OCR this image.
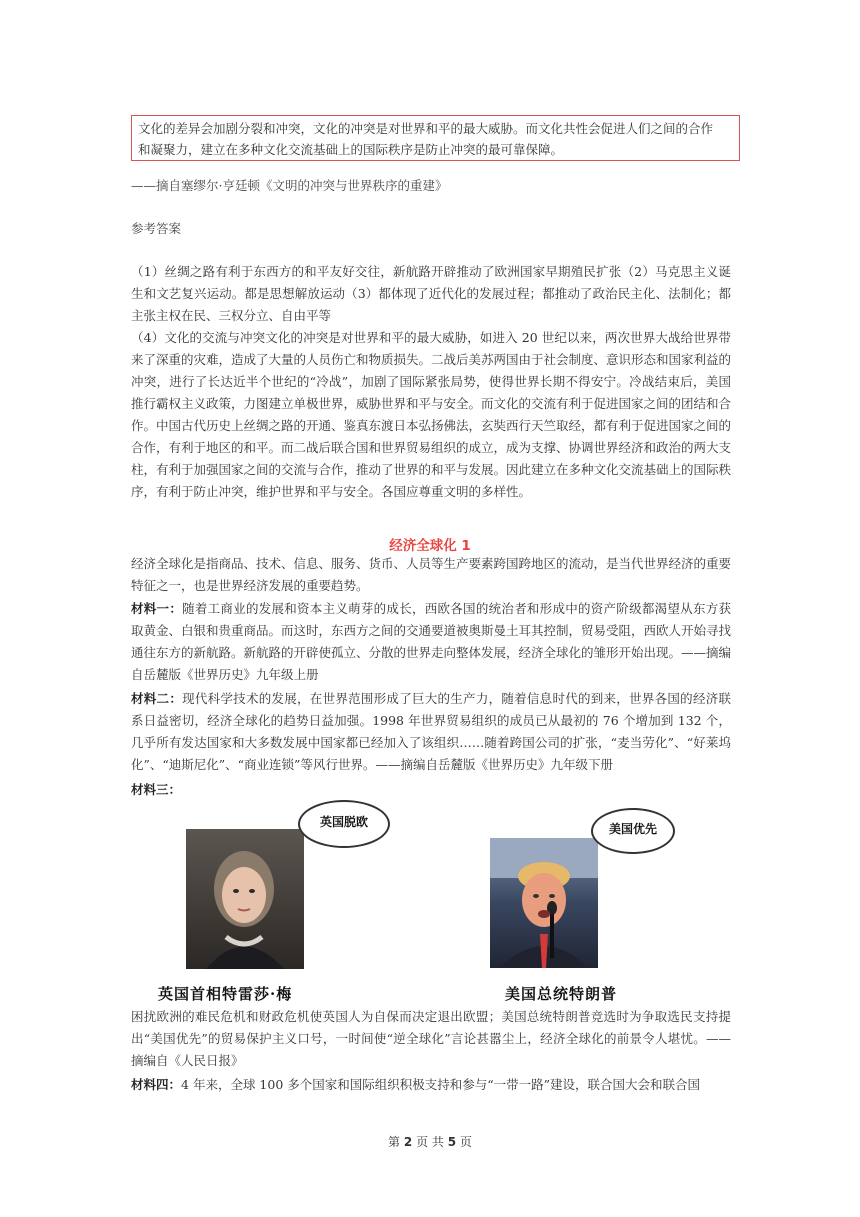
文化的差异会加剧分裂和冲突，文化的冲突是对世界和平的最大威胁。而文化共性会促进人们之间的合作
和凝聚力，建立在多种文化交流基础上的国际秩序是防止冲突的最可靠保障。
——摘自塞缪尔·亨廷顿《文明的冲突与世界秩序的重建》
参考答案

（1）丝绸之路有利于东西方的和平友好交往，新航路开辟推动了欧洲国家早期殖民扩张（2）马克思主义诞生和文艺复兴运动。都是思想解放运动（3）都体现了近代化的发展过程；都推动了政治民主化、法制化；都主张主权在民、三权分立、自由平等

（4）文化的交流与冲突文化的冲突是对世界和平的最大威胁，如进入 20 世纪以来，两次世界大战给世界带来了深重的灾难，造成了大量的人员伤亡和物质损失。二战后美苏两国由于社会制度、意识形态和国家利益的冲突，进行了长达近半个世纪的“冷战”，加剧了国际紧张局势，使得世界长期不得安宁。冷战结束后，美国推行霸权主义政策，力图建立单极世界，威胁世界和平与安全。而文化的交流有利于促进国家之间的团结和合作。中国古代历史上丝绸之路的开通、鉴真东渡日本弘扬佛法，玄奘西行天竺取经，都有利于促进国家之间的合作，有利于地区的和平。而二战后联合国和世界贸易组织的成立，成为支撑、协调世界经济和政治的两大支柱，有利于加强国家之间的交流与合作，推动了世界的和平与发展。因此建立在多种文化交流基础上的国际秩序，有利于防止冲突，维护世界和平与安全。各国应尊重文明的多样性。

经济全球化 1

经济全球化是指商品、技术、信息、服务、货币、人员等生产要素跨国跨地区的流动，是当代世界经济的重要特征之一，也是世界经济发展的重要趋势。

材料一：随着工商业的发展和资本主义萌芽的成长，西欧各国的统治者和形成中的资产阶级都渴望从东方获取黄金、白银和贵重商品。而这时，东西方之间的交通要道被奥斯曼土耳其控制，贸易受阻，西欧人开始寻找通往东方的新航路。新航路的开辟使孤立、分散的世界走向整体发展，经济全球化的雏形开始出现。——摘编自岳麓版《世界历史》九年级上册

材料二：现代科学技术的发展，在世界范围形成了巨大的生产力，随着信息时代的到来，世界各国的经济联系日益密切，经济全球化的趋势日益加强。1998 年世界贸易组织的成员已从最初的 76 个增加到 132 个，几乎所有发达国家和大多数发展中国家都已经加入了该组织……随着跨国公司的扩张，“麦当劳化”、“好莱坞化”、“迪斯尼化”、“商业连锁”等风行世界。——摘编自岳麓版《世界历史》九年级下册

材料三：

英国脱欧	美国优先
英国首相特雷莎·梅	美国总统特朗普

困扰欧洲的难民危机和财政危机使英国人为自保而决定退出欧盟；美国总统特朗普竞选时为争取选民支持提出“美国优先”的贸易保护主义口号，一时间使“逆全球化”言论甚嚣尘上，经济全球化的前景令人堪忧。——摘编自《人民日报》

材料四：4 年来，全球 100 多个国家和国际组织积极支持和参与“一带一路”建设，联合国大会和联合国

第 2 页 共 5 页
